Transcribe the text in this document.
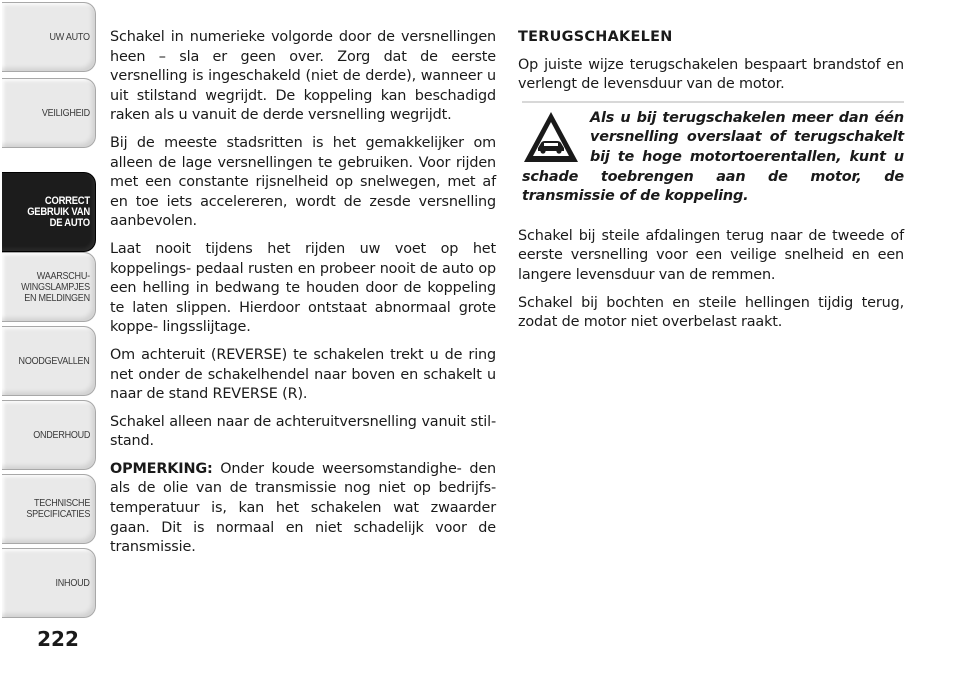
UW AUTO
VEILIGHEID
CORRECT
GEBRUIK VAN
DE AUTO
WAARSCHU-
WINGSLAMPJES
EN MELDINGEN
NOODGEVALLEN
ONDERHOUD
TECHNISCHE
SPECIFICATIES
INHOUD
222

Schakel in numerieke volgorde door de versnellingen heen – sla er geen over. Zorg dat de eerste versnelling is ingeschakeld (niet de derde), wanneer u uit stilstand wegrijdt. De koppeling kan beschadigd raken als u vanuit de derde versnelling wegrijdt.

Bij de meeste stadsritten is het gemakkelijker om alleen de lage versnellingen te gebruiken. Voor rijden met een constante rijsnelheid op snelwegen, met af en toe iets accelereren, wordt de zesde versnelling aanbevolen.

Laat nooit tijdens het rijden uw voet op het koppelings- pedaal rusten en probeer nooit de auto op een helling in bedwang te houden door de koppeling te laten slippen. Hierdoor ontstaat abnormaal grote koppe- lingsslijtage.

Om achteruit (REVERSE) te schakelen trekt u de ring net onder de schakelhendel naar boven en schakelt u naar de stand REVERSE (R).

Schakel alleen naar de achteruitversnelling vanuit stil- stand.

OPMERKING: Onder koude weersomstandighe- den als de olie van de transmissie nog niet op bedrijfs- temperatuur is, kan het schakelen wat zwaarder gaan. Dit is normaal en niet schadelijk voor de transmissie.

TERUGSCHAKELEN

Op juiste wijze terugschakelen bespaart brandstof en verlengt de levensduur van de motor.

Als u bij terugschakelen meer dan één versnelling overslaat of terugschakelt bij te hoge motortoerentallen, kunt u schade toebrengen aan de motor, de transmissie of de koppeling.

Schakel bij steile afdalingen terug naar de tweede of eerste versnelling voor een veilige snelheid en een langere levensduur van de remmen.

Schakel bij bochten en steile hellingen tijdig terug, zodat de motor niet overbelast raakt.
